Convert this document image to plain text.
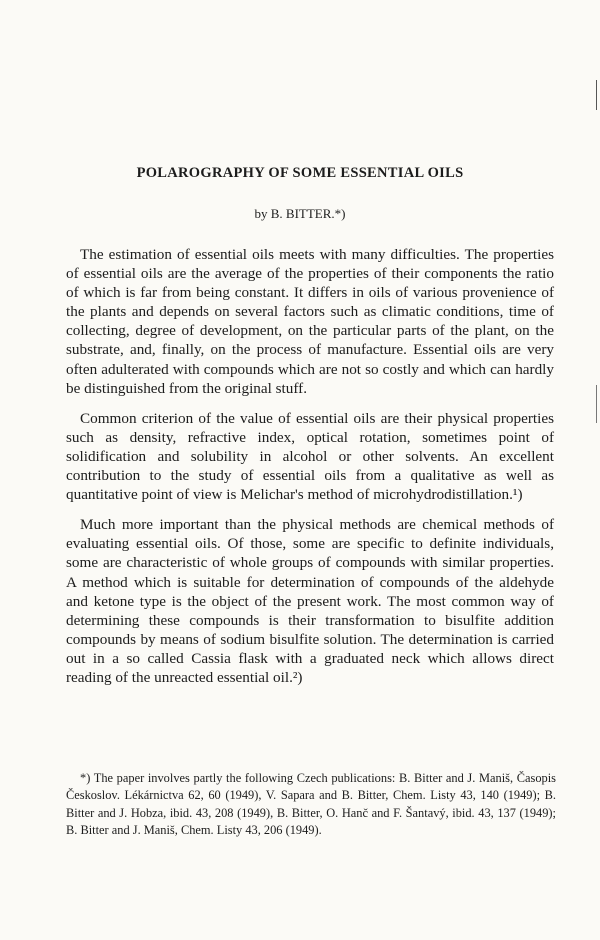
POLAROGRAPHY OF SOME ESSENTIAL OILS
by B. BITTER.*)

The estimation of essential oils meets with many difficulties. The properties of essential oils are the average of the properties of their components the ratio of which is far from being constant. It differs in oils of various provenience of the plants and depends on several factors such as climatic conditions, time of collecting, degree of development, on the particular parts of the plant, on the substrate, and, finally, on the process of manufacture. Essential oils are very often adulterated with compounds which are not so costly and which can hardly be distinguished from the original stuff.

Common criterion of the value of essential oils are their physical properties such as density, refractive index, optical rotation, sometimes point of solidification and solubility in alcohol or other solvents. An excellent contribution to the study of essential oils from a qualitative as well as quantitative point of view is Melichar's method of microhydrodistillation.¹)

Much more important than the physical methods are chemical methods of evaluating essential oils. Of those, some are specific to definite individuals, some are characteristic of whole groups of compounds with similar properties. A method which is suitable for determination of compounds of the aldehyde and ketone type is the object of the present work. The most common way of determining these compounds is their transformation to bisulfite addition compounds by means of sodium bisulfite solution. The determination is carried out in a so called Cassia flask with a graduated neck which allows direct reading of the unreacted essential oil.²)

*) The paper involves partly the following Czech publications: B. Bitter and J. Maniš, Časopis Českoslov. Lékárnictva 62, 60 (1949), V. Sapara and B. Bitter, Chem. Listy 43, 140 (1949); B. Bitter and J. Hobza, ibid. 43, 208 (1949), B. Bitter, O. Hanč and F. Šantavý, ibid. 43, 137 (1949); B. Bitter and J. Maniš, Chem. Listy 43, 206 (1949).
